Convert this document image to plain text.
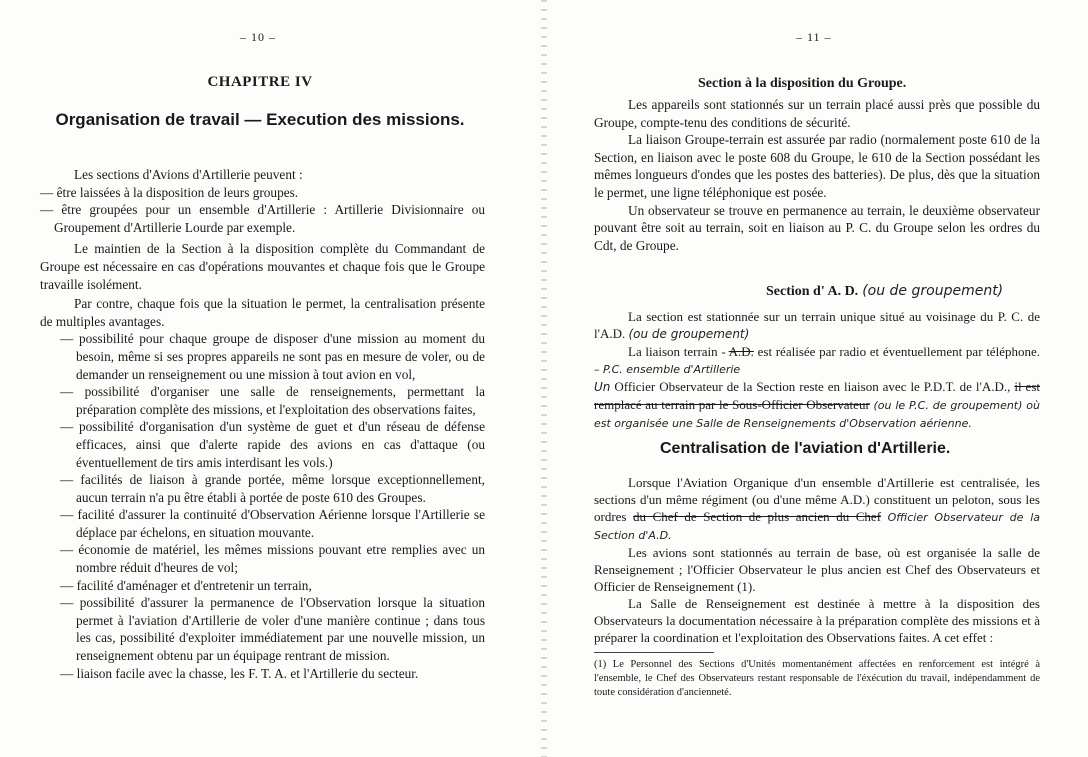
– 10 –
CHAPITRE IV
Organisation de travail — Execution des missions.

Les sections d'Avions d'Artillerie peuvent :

— être laissées à la disposition de leurs groupes.

— être groupées pour un ensemble d'Artillerie : Artillerie Divisionnaire ou Groupement d'Artillerie Lourde par exemple.

Le maintien de la Section à la disposition complète du Commandant de Groupe est nécessaire en cas d'opérations mouvantes et chaque fois que le Groupe travaille isolément.

Par contre, chaque fois que la situation le permet, la centralisation présente de multiples avantages.

— possibilité pour chaque groupe de disposer d'une mission au moment du besoin, même si ses propres appareils ne sont pas en mesure de voler, ou de demander un renseignement ou une mission à tout avion en vol,
— possibilité d'organiser une salle de renseignements, permettant la préparation complète des missions, et l'exploitation des observations faites,
— possibilité d'organisation d'un système de guet et d'un réseau de défense efficaces, ainsi que d'alerte rapide des avions en cas d'attaque (ou éventuellement de tirs amis interdisant les vols.)
— facilités de liaison à grande portée, même lorsque exceptionnellement, aucun terrain n'a pu être établi à portée de poste 610 des Groupes.
— facilité d'assurer la continuité d'Observation Aérienne lorsque l'Artillerie se déplace par échelons, en situation mouvante.
— économie de matériel, les mêmes missions pouvant etre remplies avec un nombre réduit d'heures de vol;
— facilité d'aménager et d'entretenir un terrain,
— possibilité d'assurer la permanence de l'Observation lorsque la situation permet à l'aviation d'Artillerie de voler d'une manière continue ; dans tous les cas, possibilité d'exploiter immédiatement par une nouvelle mission, un renseignement obtenu par un équipage rentrant de mission.
— liaison facile avec la chasse, les F. T. A. et l'Artillerie du secteur.
– 11 –
Section à la disposition du Groupe.

Les appareils sont stationnés sur un terrain placé aussi près que possible du Groupe, compte-tenu des conditions de sécurité.

La liaison Groupe-terrain est assurée par radio (normalement poste 610 de la Section, en liaison avec le poste 608 du Groupe, le 610 de la Section possédant les mêmes longueurs d'ondes que les postes des batteries). De plus, dès que la situation le permet, une ligne téléphonique est posée.

Un observateur se trouve en permanence au terrain, le deuxième observateur pouvant être soit au terrain, soit en liaison au P. C. du Groupe selon les ordres du Cdt, de Groupe.

Section d' A. D. (ou de groupement)

La section est stationnée sur un terrain unique situé au voisinage du P. C. de l'A.D. (ou de groupement)

La liaison terrain - A.D. est réalisée par radio et éventuellement par téléphone. – P.C. ensemble d'Artillerie

Un Officier Observateur de la Section reste en liaison avec le P.D.T. de l'A.D., il est remplacé au terrain par le Sous-Officier Observateur (ou le P.C. de groupement) où est organisée une Salle de Renseignements d'Observation aérienne.

Centralisation de l'aviation d'Artillerie.

Lorsque l'Aviation Organique d'un ensemble d'Artillerie est centralisée, les sections d'un même régiment (ou d'une même A.D.) constituent un peloton, sous les ordres du Chef de Section de plus ancien du Chef Officier Observateur de la Section d'A.D.

Les avions sont stationnés au terrain de base, où est organisée la salle de Renseignement ; l'Officier Observateur le plus ancien est Chef des Observateurs et Officier de Renseignement (1).

La Salle de Renseignement est destinée à mettre à la disposition des Observateurs la documentation nécessaire à la préparation complète des missions et à préparer la coordination et l'exploitation des Observations faites. A cet effet :

(1) Le Personnel des Sections d'Unités momentanément affectées en renforcement est intégré à l'ensemble, le Chef des Observateurs restant responsable de l'éxécution du travail, indépendamment de toute considération d'ancienneté.
